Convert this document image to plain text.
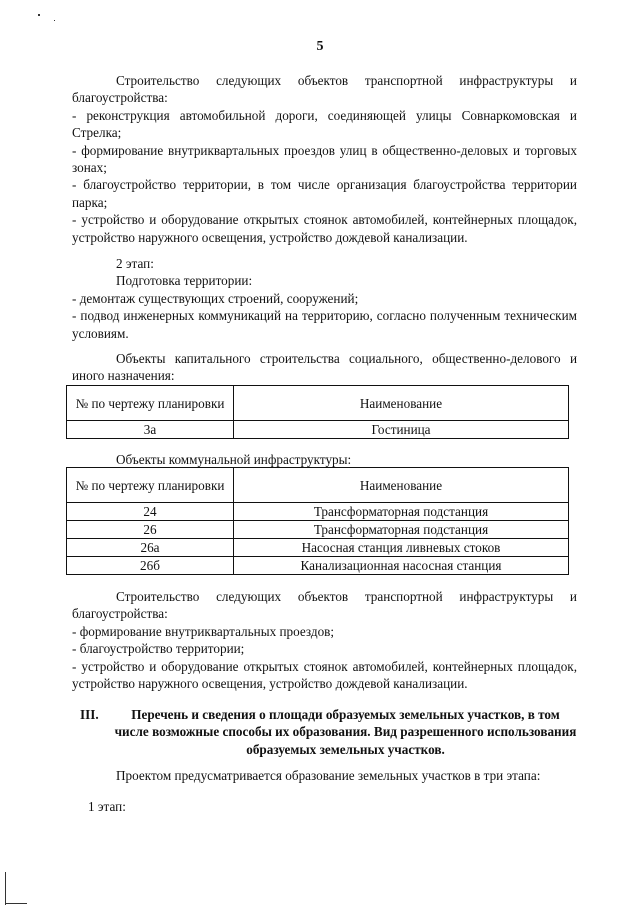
5

Строительство следующих объектов транспортной инфраструктуры и благоустройства:

- реконструкция автомобильной дороги, соединяющей улицы Совнаркомовская и Стрелка;

- формирование внутриквартальных проездов улиц в общественно-деловых и торговых зонах;

- благоустройство территории, в том числе организация благоустройства территории парка;

- устройство и оборудование открытых стоянок автомобилей, контейнерных площадок, устройство наружного освещения, устройство дождевой канализации.

2 этап:

Подготовка территории:

- демонтаж существующих строений, сооружений;

- подвод инженерных коммуникаций на территорию, согласно полученным техническим условиям.

Объекты капитального строительства социального, общественно-делового и иного назначения:

№ по чертежу планировки	Наименование
3а	Гостиница

Объекты коммунальной инфраструктуры:

№ по чертежу планировки	Наименование
24	Трансформаторная подстанция
26	Трансформаторная подстанция
26а	Насосная станция ливневых стоков
26б	Канализационная насосная станция

Строительство следующих объектов транспортной инфраструктуры и благоустройства:

- формирование внутриквартальных проездов;

- благоустройство территории;

- устройство и оборудование открытых стоянок автомобилей, контейнерных площадок, устройство наружного освещения, устройство дождевой канализации.

III.	Перечень и сведения о площади образуемых земельных участков, в том числе возможные способы их образования. Вид разрешенного использования образуемых земельных участков.

Проектом предусматривается образование земельных участков в три этапа:

1 этап:
